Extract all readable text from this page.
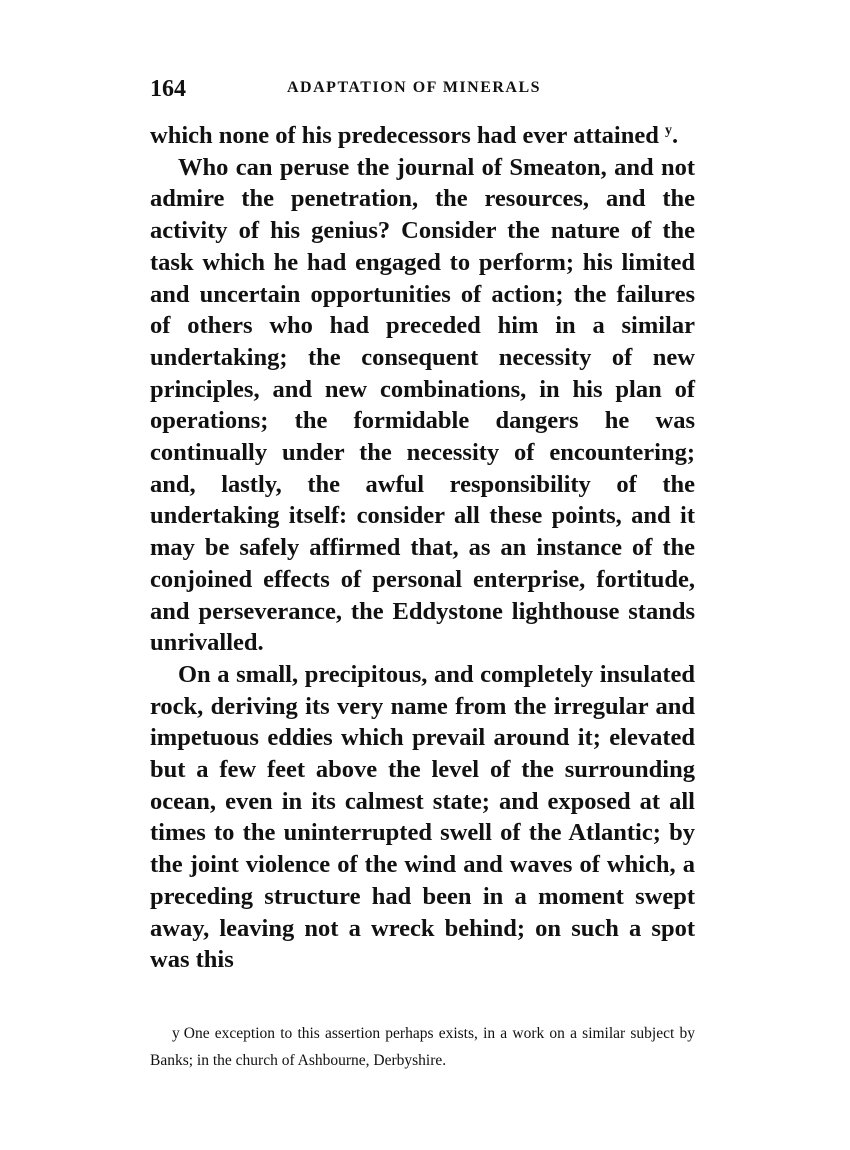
164	ADAPTATION OF MINERALS

which none of his predecessors had ever attained $^y$.

Who can peruse the journal of Smeaton, and not admire the penetration, the resources, and the activity of his genius? Consider the nature of the task which he had engaged to perform; his limited and uncertain opportunities of action; the failures of others who had preceded him in a similar undertaking; the consequent necessity of new principles, and new combinations, in his plan of operations; the formidable dangers he was continually under the necessity of encountering; and, lastly, the awful responsibility of the undertaking itself: consider all these points, and it may be safely affirmed that, as an instance of the conjoined effects of personal enterprise, fortitude, and perseverance, the Eddystone lighthouse stands unrivalled.

On a small, precipitous, and completely insulated rock, deriving its very name from the irregular and impetuous eddies which prevail around it; elevated but a few feet above the level of the surrounding ocean, even in its calmest state; and exposed at all times to the uninterrupted swell of the Atlantic; by the joint violence of the wind and waves of which, a preceding structure had been in a moment swept away, leaving not a wreck behind; on such a spot was this

y One exception to this assertion perhaps exists, in a work on a similar subject by Banks; in the church of Ashbourne, Derbyshire.
